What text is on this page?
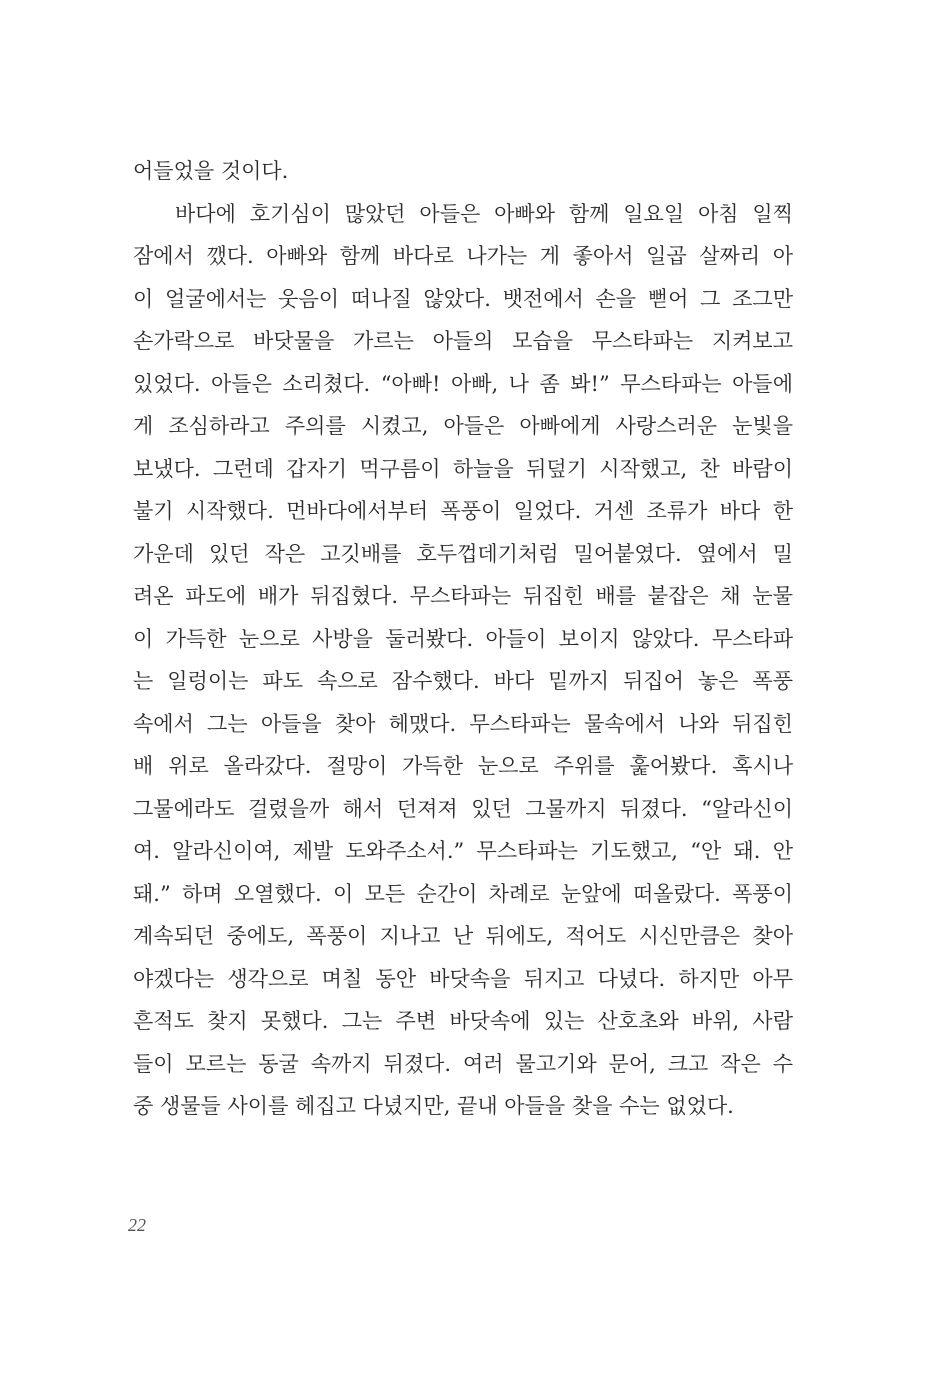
어들었을 것이다.
바다에 호기심이 많았던 아들은 아빠와 함께 일요일 아침 일찍
잠에서 깼다. 아빠와 함께 바다로 나가는 게 좋아서 일곱 살짜리 아
이 얼굴에서는 웃음이 떠나질 않았다. 뱃전에서 손을 뻗어 그 조그만
손가락으로 바닷물을 가르는 아들의 모습을 무스타파는 지켜보고
있었다. 아들은 소리쳤다. “아빠! 아빠, 나 좀 봐!” 무스타파는 아들에
게 조심하라고 주의를 시켰고, 아들은 아빠에게 사랑스러운 눈빛을
보냈다. 그런데 갑자기 먹구름이 하늘을 뒤덮기 시작했고, 찬 바람이
불기 시작했다. 먼바다에서부터 폭풍이 일었다. 거센 조류가 바다 한
가운데 있던 작은 고깃배를 호두껍데기처럼 밀어붙였다. 옆에서 밀
려온 파도에 배가 뒤집혔다. 무스타파는 뒤집힌 배를 붙잡은 채 눈물
이 가득한 눈으로 사방을 둘러봤다. 아들이 보이지 않았다. 무스타파
는 일렁이는 파도 속으로 잠수했다. 바다 밑까지 뒤집어 놓은 폭풍
속에서 그는 아들을 찾아 헤맸다. 무스타파는 물속에서 나와 뒤집힌
배 위로 올라갔다. 절망이 가득한 눈으로 주위를 훑어봤다. 혹시나
그물에라도 걸렸을까 해서 던져져 있던 그물까지 뒤졌다. “알라신이
여. 알라신이여, 제발 도와주소서.” 무스타파는 기도했고, “안 돼. 안
돼.” 하며 오열했다. 이 모든 순간이 차례로 눈앞에 떠올랐다. 폭풍이
계속되던 중에도, 폭풍이 지나고 난 뒤에도, 적어도 시신만큼은 찾아
야겠다는 생각으로 며칠 동안 바닷속을 뒤지고 다녔다. 하지만 아무
흔적도 찾지 못했다. 그는 주변 바닷속에 있는 산호초와 바위, 사람
들이 모르는 동굴 속까지 뒤졌다. 여러 물고기와 문어, 크고 작은 수
중 생물들 사이를 헤집고 다녔지만, 끝내 아들을 찾을 수는 없었다.
22
